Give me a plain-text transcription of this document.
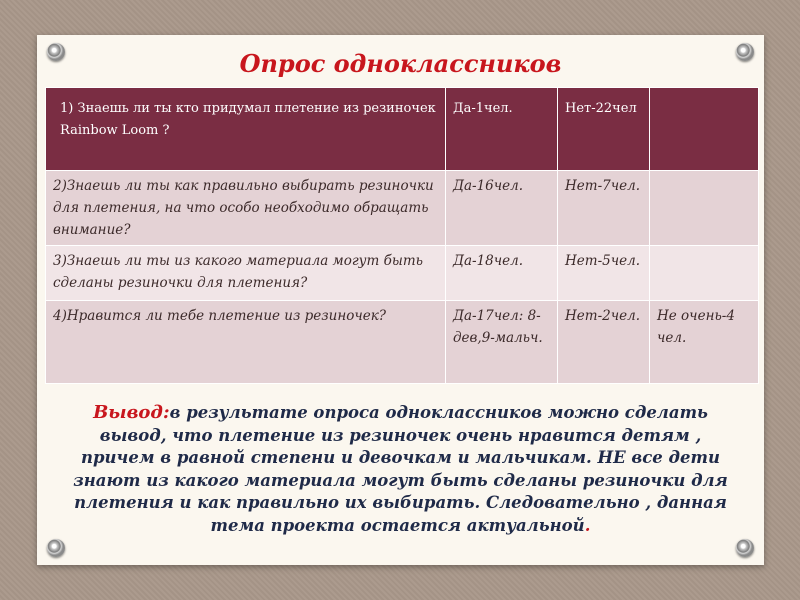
Опрос одноклассников
1) Знаешь ли ты кто придумал плетение из резиночек Rainbow Loom ?	Да-1чел.	Нет-22чел	
2)Знаешь ли ты как правильно выбирать резиночки для плетения, на что особо необходимо обращать внимание?	Да-16чел.	Нет-7чел.	
3)Знаешь ли ты из какого материала могут быть сделаны резиночки для плетения?	Да-18чел.	Нет-5чел.	
4)Нравится ли тебе плетение из резиночек?	Да-17чел: 8-дев,9-мальч.	Нет-2чел.	Не очень-4 чел.
Вывод:в результате опроса одноклассников можно сделать вывод, что плетение из резиночек очень нравится детям , причем в равной степени и девочкам и мальчикам. НЕ все дети знают из какого материала могут быть сделаны резиночки для плетения и как правильно их выбирать. Следовательно , данная тема проекта остается актуальной.
